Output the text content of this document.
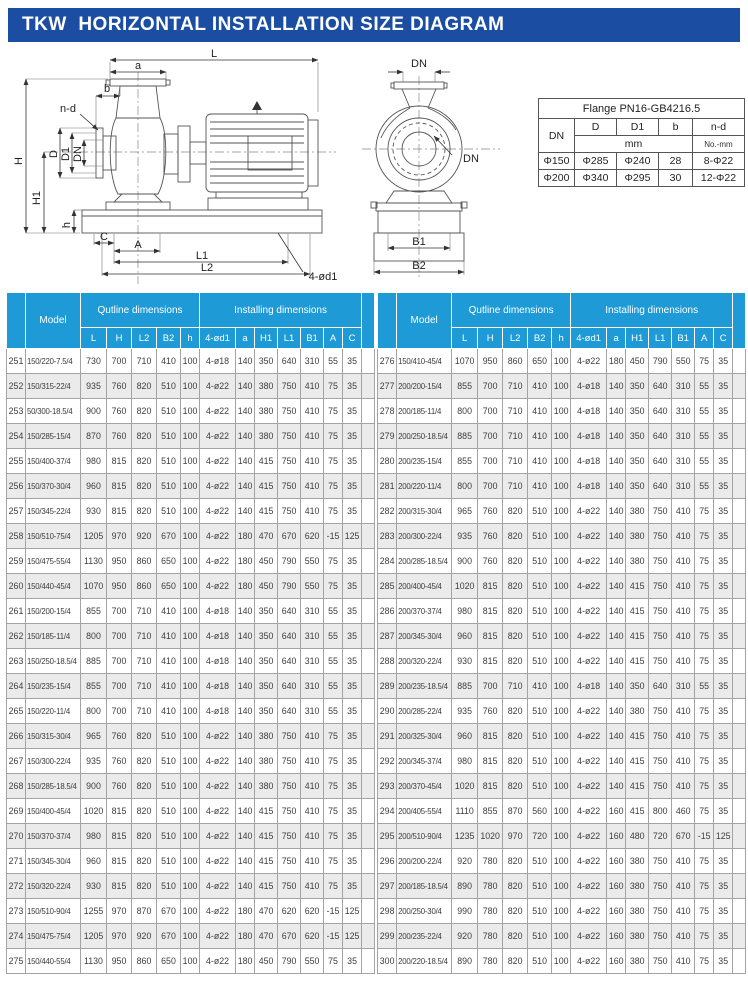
TKW  HORIZONTAL INSTALLATION SIZE DIAGRAM
L
a
b
n-d
H
H1
D D1 DN
h
C
A
L1
L2
4-ød1
DN
DN
B1
B2
Flange PN16-GB4216.5				
DN	D	D1	b	n-d
	mm			No.-mm
Φ150	Φ285	Φ240	28	8-Φ22
Φ200	Φ340	Φ295	30	12-Φ22
	Model	Qutline dimensions					Installing dimensions							
		L	H	L2	B2	h	4-ød1	a	H1	L1	B1	A	C	
251	150/220-7.5/4	730	700	710	410	100	4-ø18	140	350	640	310	55	35	
252	150/315-22/4	935	760	820	510	100	4-ø22	140	380	750	410	75	35	
253	50/300-18.5/4	900	760	820	510	100	4-ø22	140	380	750	410	75	35	
254	150/285-15/4	870	760	820	510	100	4-ø22	140	380	750	410	75	35	
255	150/400-37/4	980	815	820	510	100	4-ø22	140	415	750	410	75	35	
256	150/370-30/4	960	815	820	510	100	4-ø22	140	415	750	410	75	35	
257	150/345-22/4	930	815	820	510	100	4-ø22	140	415	750	410	75	35	
258	150/510-75/4	1205	970	920	670	100	4-ø22	180	470	670	620	-15	125	
259	150/475-55/4	1130	950	860	650	100	4-ø22	180	450	790	550	75	35	
260	150/440-45/4	1070	950	860	650	100	4-ø22	180	450	790	550	75	35	
261	150/200-15/4	855	700	710	410	100	4-ø18	140	350	640	310	55	35	
262	150/185-11/4	800	700	710	410	100	4-ø18	140	350	640	310	55	35	
263	150/250-18.5/4	885	700	710	410	100	4-ø18	140	350	640	310	55	35	
264	150/235-15/4	855	700	710	410	100	4-ø18	140	350	640	310	55	35	
265	150/220-11/4	800	700	710	410	100	4-ø18	140	350	640	310	55	35	
266	150/315-30/4	965	760	820	510	100	4-ø22	140	380	750	410	75	35	
267	150/300-22/4	935	760	820	510	100	4-ø22	140	380	750	410	75	35	
268	150/285-18.5/4	900	760	820	510	100	4-ø22	140	380	750	410	75	35	
269	150/400-45/4	1020	815	820	510	100	4-ø22	140	415	750	410	75	35	
270	150/370-37/4	980	815	820	510	100	4-ø22	140	415	750	410	75	35	
271	150/345-30/4	960	815	820	510	100	4-ø22	140	415	750	410	75	35	
272	150/320-22/4	930	815	820	510	100	4-ø22	140	415	750	410	75	35	
273	150/510-90/4	1255	970	870	670	100	4-ø22	180	470	620	620	-15	125	
274	150/475-75/4	1205	970	920	670	100	4-ø22	180	470	670	620	-15	125	
275	150/440-55/4	1130	950	860	650	100	4-ø22	180	450	790	550	75	35	
	Model	Qutline dimensions					Installing dimensions							
		L	H	L2	B2	h	4-ød1	a	H1	L1	B1	A	C	
276	150/410-45/4	1070	950	860	650	100	4-ø22	180	450	790	550	75	35	
277	200/200-15/4	855	700	710	410	100	4-ø18	140	350	640	310	55	35	
278	200/185-11/4	800	700	710	410	100	4-ø18	140	350	640	310	55	35	
279	200/250-18.5/4	885	700	710	410	100	4-ø18	140	350	640	310	55	35	
280	200/235-15/4	855	700	710	410	100	4-ø18	140	350	640	310	55	35	
281	200/220-11/4	800	700	710	410	100	4-ø18	140	350	640	310	55	35	
282	200/315-30/4	965	760	820	510	100	4-ø22	140	380	750	410	75	35	
283	200/300-22/4	935	760	820	510	100	4-ø22	140	380	750	410	75	35	
284	200/285-18.5/4	900	760	820	510	100	4-ø22	140	380	750	410	75	35	
285	200/400-45/4	1020	815	820	510	100	4-ø22	140	415	750	410	75	35	
286	200/370-37/4	980	815	820	510	100	4-ø22	140	415	750	410	75	35	
287	200/345-30/4	960	815	820	510	100	4-ø22	140	415	750	410	75	35	
288	200/320-22/4	930	815	820	510	100	4-ø22	140	415	750	410	75	35	
289	200/235-18.5/4	885	700	710	410	100	4-ø18	140	350	640	310	55	35	
290	200/285-22/4	935	760	820	510	100	4-ø22	140	380	750	410	75	35	
291	200/325-30/4	960	815	820	510	100	4-ø22	140	415	750	410	75	35	
292	200/345-37/4	980	815	820	510	100	4-ø22	140	415	750	410	75	35	
293	200/370-45/4	1020	815	820	510	100	4-ø22	140	415	750	410	75	35	
294	200/405-55/4	1110	855	870	560	100	4-ø22	160	415	800	460	75	35	
295	200/510-90/4	1235	1020	970	720	100	4-ø22	160	480	720	670	-15	125	
296	200/200-22/4	920	780	820	510	100	4-ø22	160	380	750	410	75	35	
297	200/185-18.5/4	890	780	820	510	100	4-ø22	160	380	750	410	75	35	
298	200/250-30/4	990	780	820	510	100	4-ø22	160	380	750	410	75	35	
299	200/235-22/4	920	780	820	510	100	4-ø22	160	380	750	410	75	35	
300	200/220-18.5/4	890	780	820	510	100	4-ø22	160	380	750	410	75	35	
